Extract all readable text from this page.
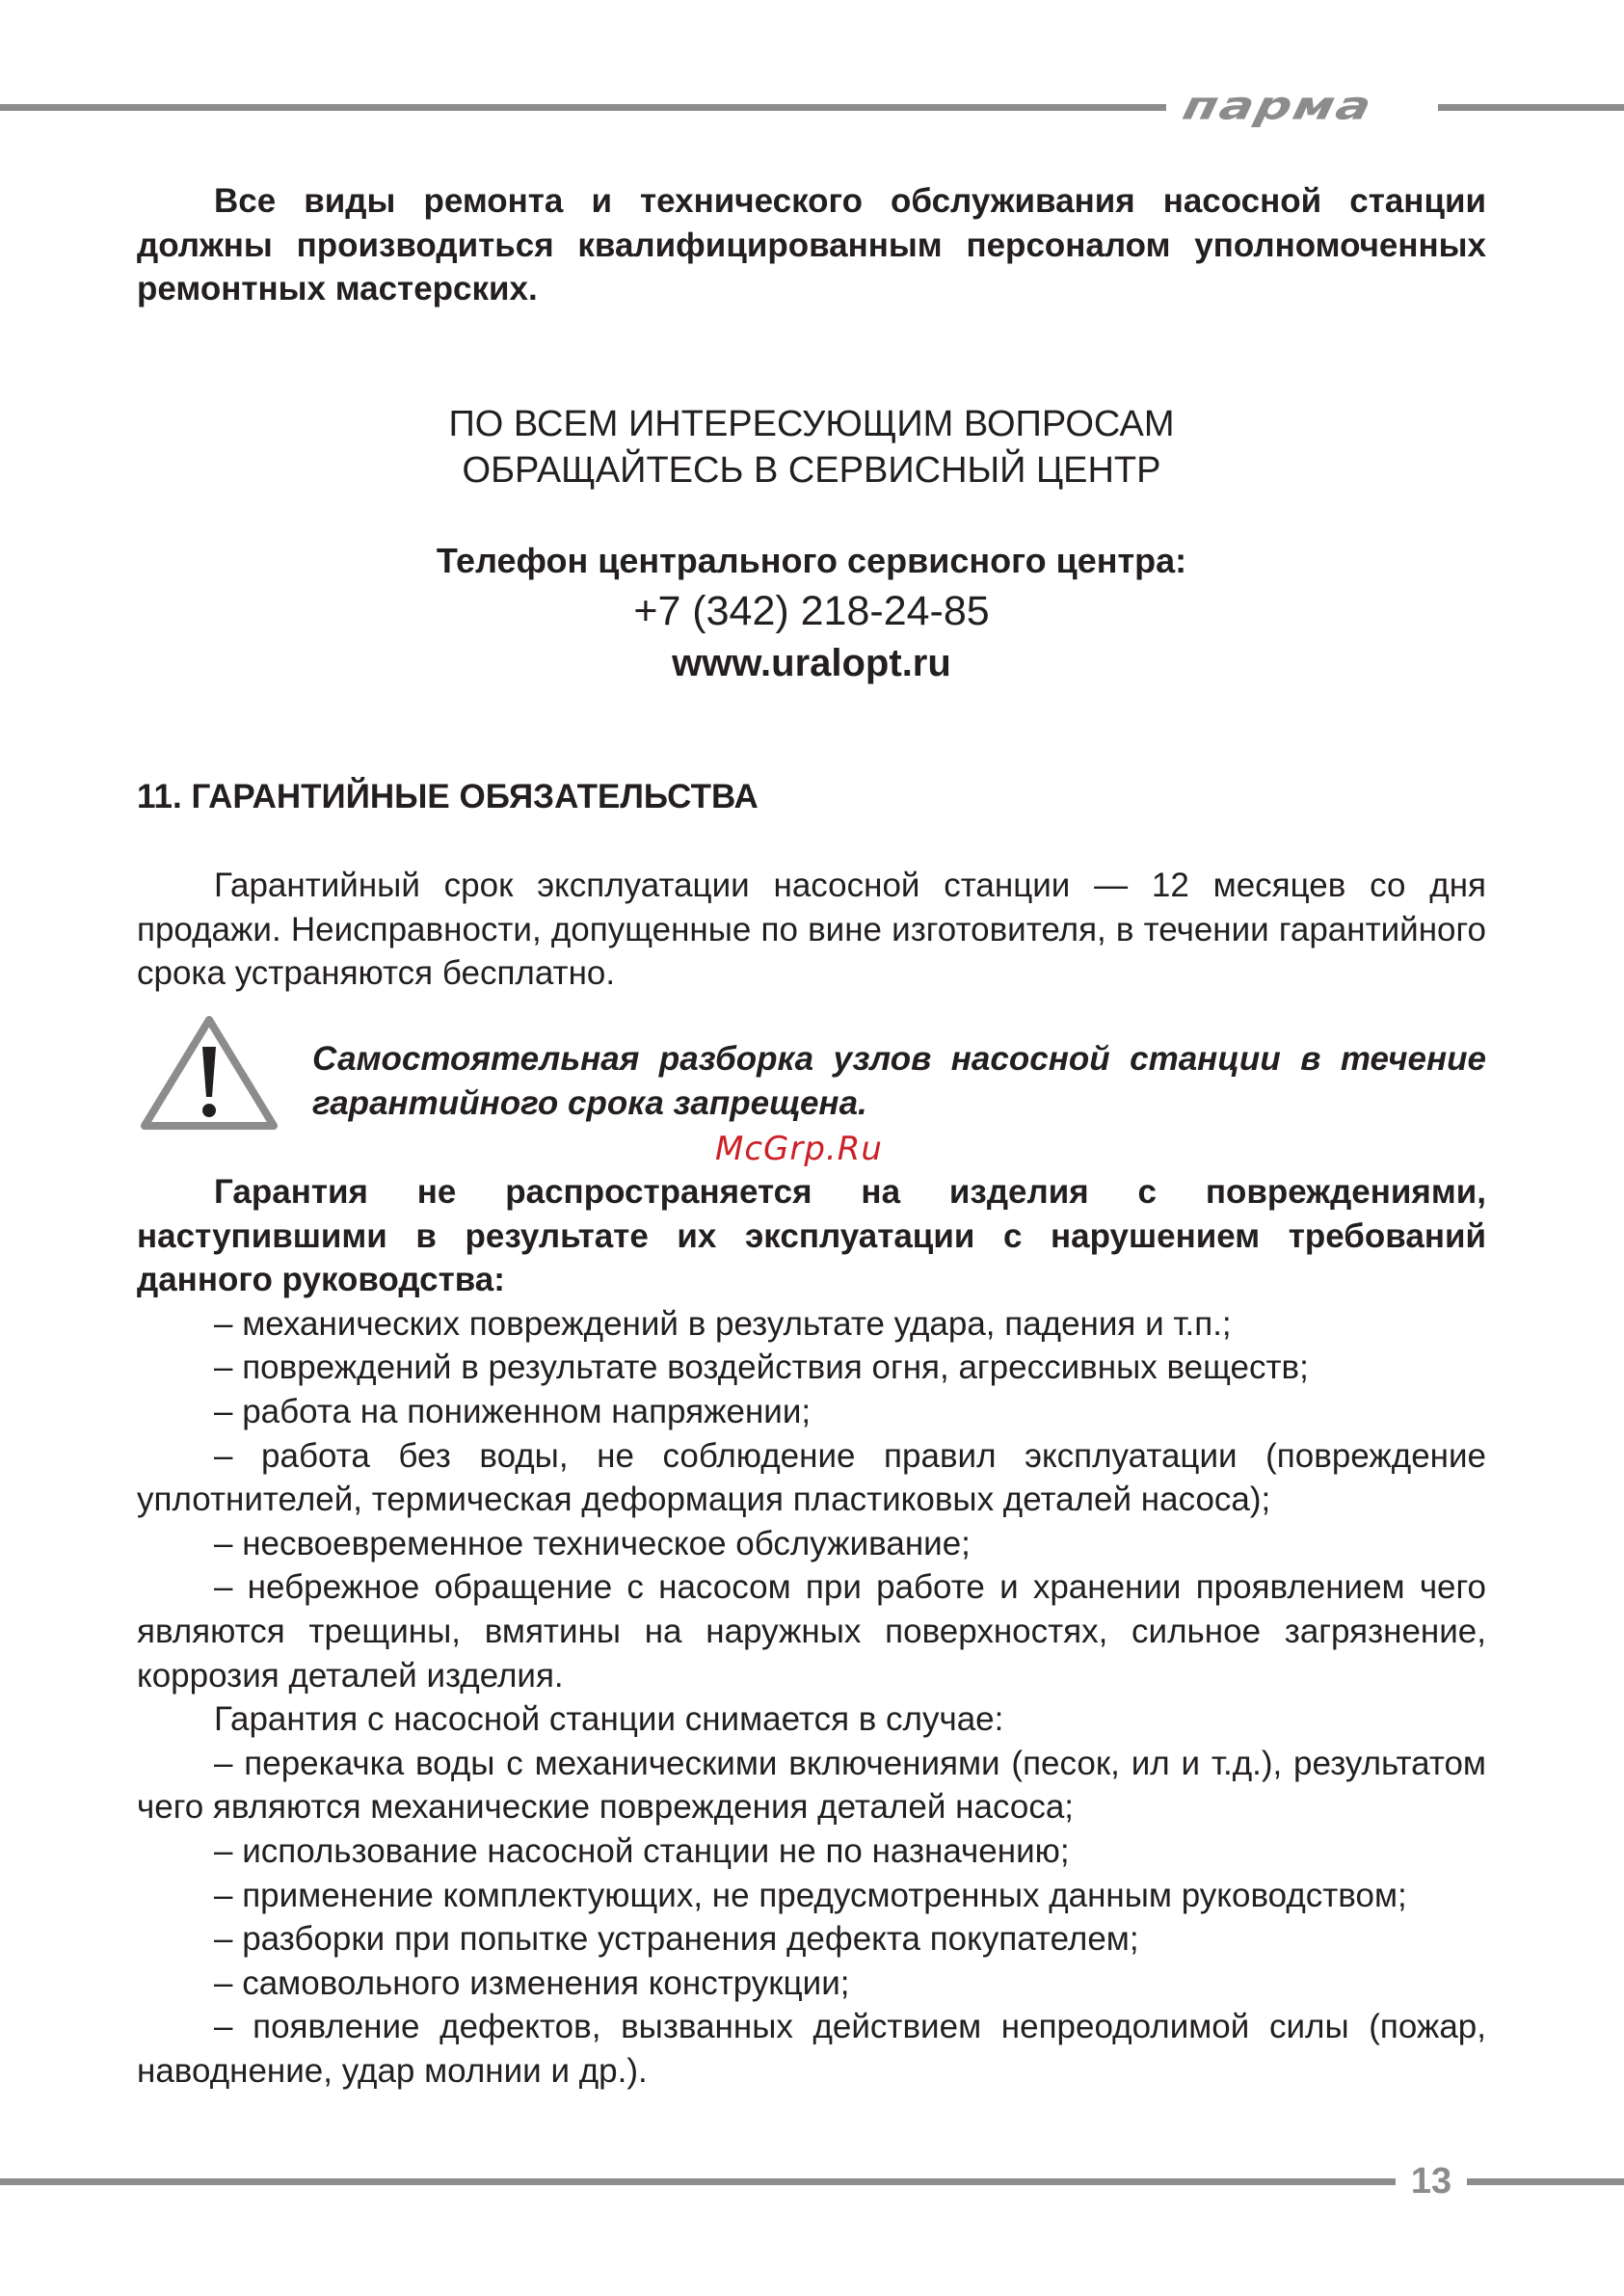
парма
Все виды ремонта и технического обслуживания насосной станции должны производиться квалифицированным персоналом уполномоченных ремонтных мастерских.
ПО ВСЕМ ИНТЕРЕСУЮЩИМ ВОПРОСАМ
ОБРАЩАЙТЕСЬ В СЕРВИСНЫЙ ЦЕНТР
Телефон центрального сервисного центра:
+7 (342) 218-24-85
www.uralopt.ru
11. ГАРАНТИЙНЫЕ ОБЯЗАТЕЛЬСТВА
Гарантийный срок эксплуатации насосной станции — 12 месяцев со дня продажи. Неисправности, допущенные по вине изготовителя, в течении гарантийного срока устраняются бесплатно.
Самостоятельная разборка узлов насосной станции в течение гарантийного срока запрещена.
McGrp.Ru

Гарантия не распространяется на изделия с повреждениями, наступившими в результате их эксплуатации с нарушением требований данного руководства:

– механических повреждений в результате удара, падения и т.п.;

– повреждений в результате воздействия огня, агрессивных веществ;

– работа на пониженном напряжении;

– работа без воды, не соблюдение правил эксплуатации (повреждение уплотнителей, термическая деформация пластиковых деталей насоса);

– несвоевременное техническое обслуживание;

– небрежное обращение с насосом при работе и хранении проявлением чего являются трещины, вмятины на наружных поверхностях, сильное загрязнение, коррозия деталей изделия.

Гарантия с насосной станции снимается в случае:

– перекачка воды с механическими включениями (песок, ил и т.д.), результатом чего являются механические повреждения деталей насоса;

– использование насосной станции не по назначению;

– применение комплектующих, не предусмотренных данным руководством;

– разборки при попытке устранения дефекта покупателем;

– самовольного изменения конструкции;

– появление дефектов, вызванных действием непреодолимой силы (пожар, наводнение, удар молнии и др.).

13
